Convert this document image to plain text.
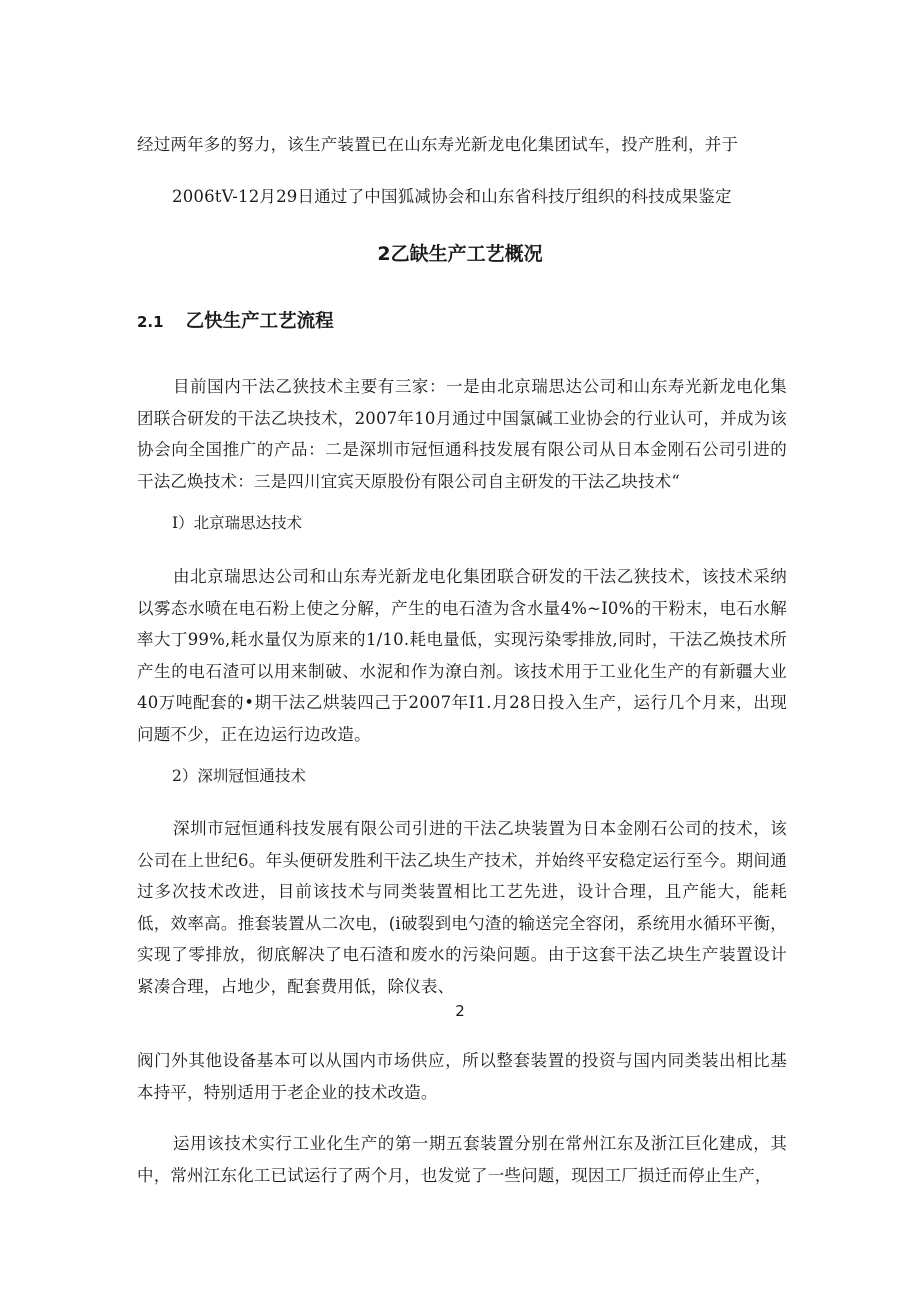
经过两年多的努力，该生产装置已在山东寿光新龙电化集团试车，投产胜利，并于

2006tV-12月29日通过了中国狐减协会和山东省科技厅组织的科技成果鉴定

2乙缺生产工艺概况
2.1 乙快生产工艺流程

目前国内干法乙狭技术主要有三家：一是由北京瑞思达公司和山东寿光新龙电化集团联合研发的干法乙块技术，2007年10月通过中国氯碱工业协会的行业认可，并成为该协会向全国推广的产品：二是深圳市冠恒通科技发展有限公司从日本金刚石公司引进的干法乙焕技术：三是四川宜宾天原股份有限公司自主研发的干法乙块技术“

I）北京瑞思达技术

由北京瑞思达公司和山东寿光新龙电化集团联合研发的干法乙狭技术，该技术采纳以雾态水喷在电石粉上使之分解，产生的电石渣为含水量4%~I0%的干粉末，电石水解率大丁99%,耗水量仅为原来的1/10.耗电量低，实现污染零排放,同时，干法乙焕技术所产生的电石渣可以用来制破、水泥和作为潦白剂。该技术用于工业化生产的有新疆大业40万吨配套的•期干法乙烘装四己于2007年I1.月28日投入生产，运行几个月来，出现问题不少，正在边运行边改造。

2）深圳冠恒通技术

深圳市冠恒通科技发展有限公司引进的干法乙块装置为日本金刚石公司的技术，该公司在上世纪6。年头便研发胜利干法乙块生产技术，并始终平安稳定运行至今。期间通过多次技术改进，目前该技术与同类装置相比工艺先进，设计合理，且产能大，能耗低，效率高。推套装置从二次电，(i破裂到电勺渣的输送完全容闭，系统用水循环平衡，实现了零排放，彻底解决了电石渣和废水的污染问题。由于这套干法乙块生产装置设计紧凑合理，占地少，配套费用低，除仪表、

2

阀门外其他设备基本可以从国内市场供应，所以整套装置的投资与国内同类装出相比基本持平，特别适用于老企业的技术改造。

运用该技术实行工业化生产的第一期五套装置分别在常州江东及浙江巨化建成，其中，常州江东化工已试运行了两个月，也发觉了一些问题，现因工厂损迁而停止生产，
